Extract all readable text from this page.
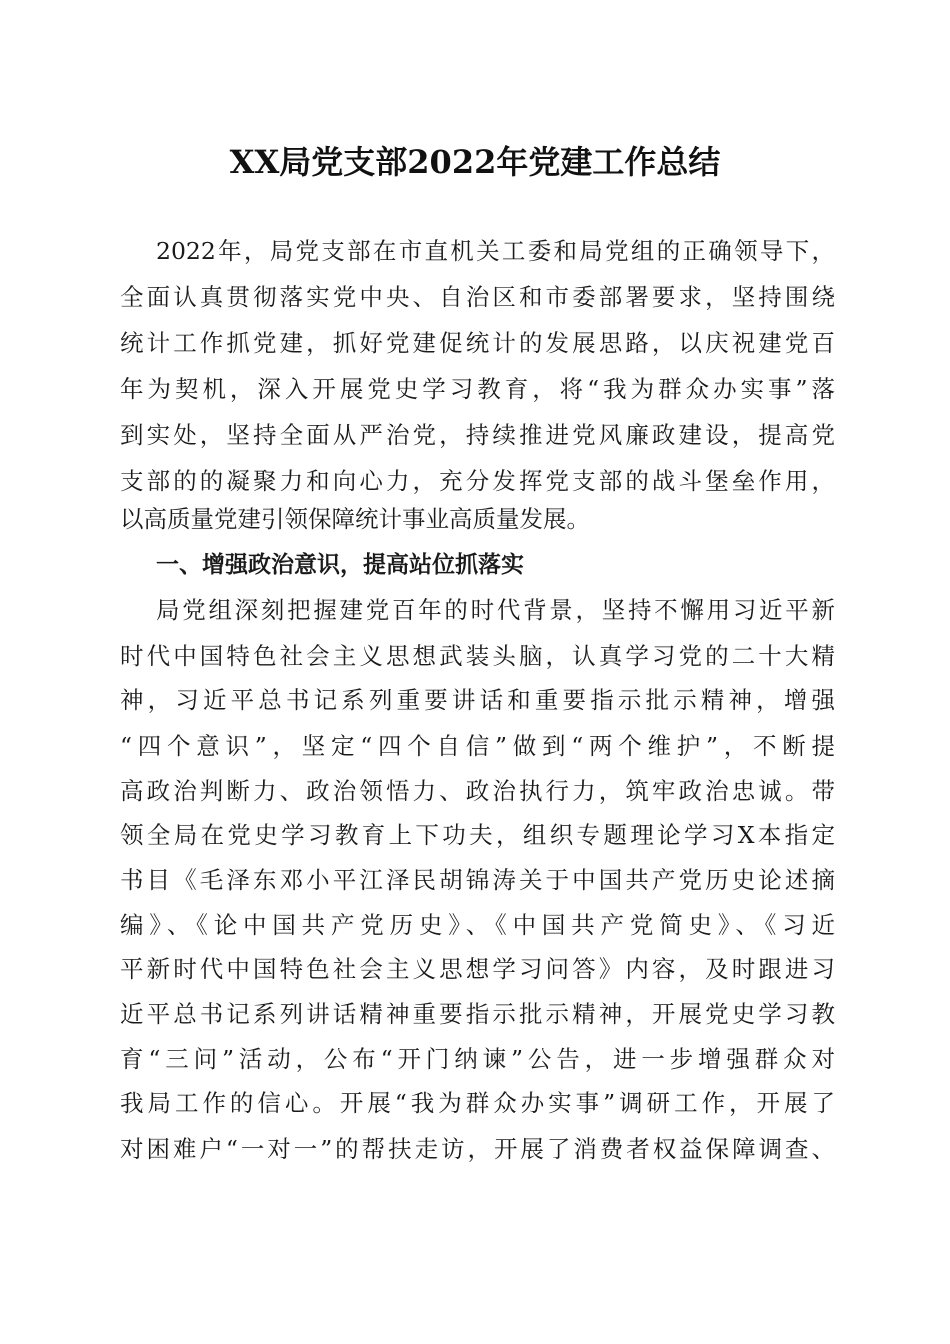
XX局党支部2022年党建工作总结
2022年，局党支部在市直机关工委和局党组的正确领导下，
全面认真贯彻落实党中央、自治区和市委部署要求，坚持围绕
统计工作抓党建，抓好党建促统计的发展思路，以庆祝建党百
年为契机，深入开展党史学习教育，将“我为群众办实事”落
到实处，坚持全面从严治党，持续推进党风廉政建设，提高党
支部的的凝聚力和向心力，充分发挥党支部的战斗堡垒作用，
以高质量党建引领保障统计事业高质量发展。
一、增强政治意识，提高站位抓落实
局党组深刻把握建党百年的时代背景，坚持不懈用习近平新
时代中国特色社会主义思想武装头脑，认真学习党的二十大精
神，习近平总书记系列重要讲话和重要指示批示精神，增强
“四个意识”，坚定“四个自信”做到“两个维护”，不断提
高政治判断力、政治领悟力、政治执行力，筑牢政治忠诚。带
领全局在党史学习教育上下功夫，组织专题理论学习X本指定
书目《毛泽东邓小平江泽民胡锦涛关于中国共产党历史论述摘
编》、《论中国共产党历史》、《中国共产党简史》、《习近
平新时代中国特色社会主义思想学习问答》内容，及时跟进习
近平总书记系列讲话精神重要指示批示精神，开展党史学习教
育“三问”活动，公布“开门纳谏”公告，进一步增强群众对
我局工作的信心。开展“我为群众办实事”调研工作，开展了
对困难户“一对一”的帮扶走访，开展了消费者权益保障调查、
